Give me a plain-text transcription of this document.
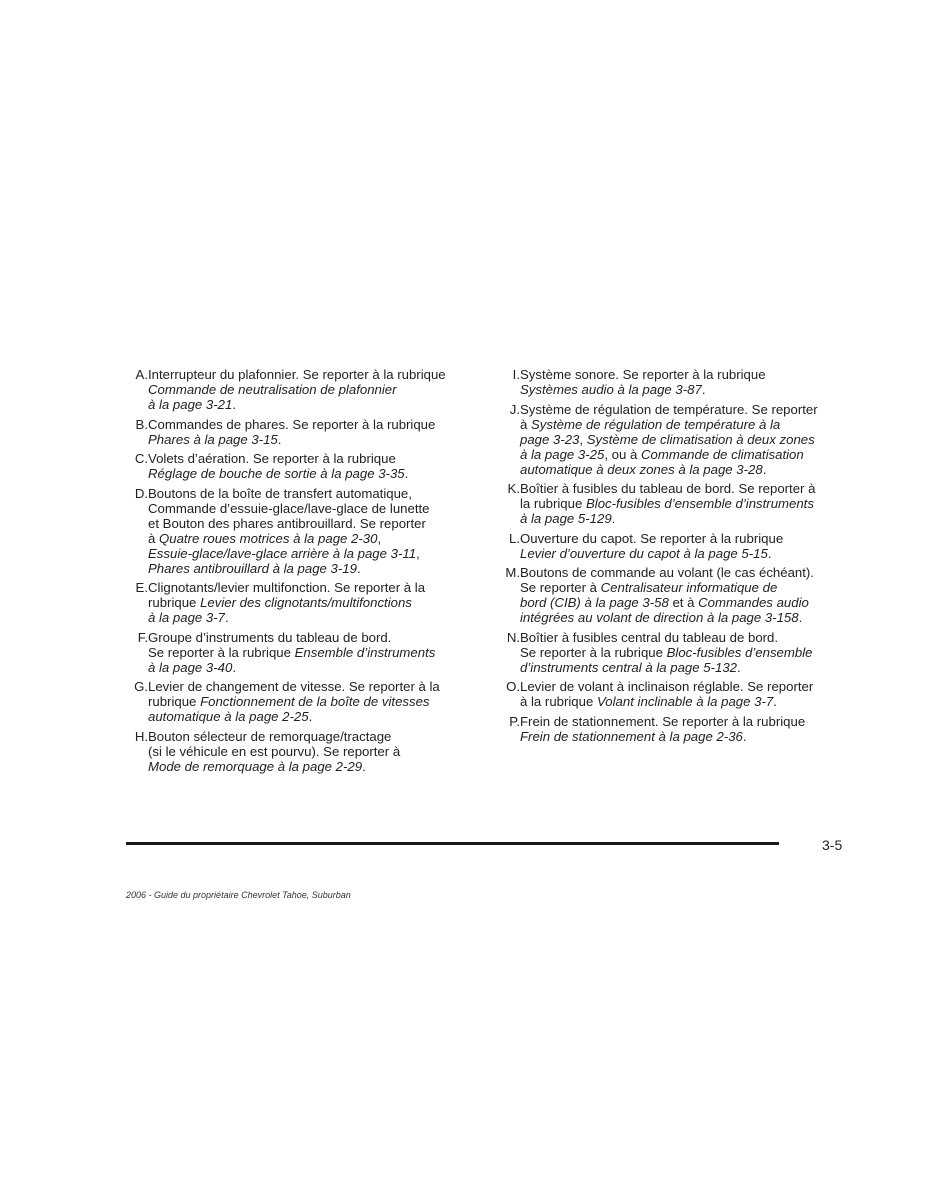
A. Interrupteur du plafonnier. Se reporter à la rubrique
Commande de neutralisation de plafonnier
à la page 3-21.
B. Commandes de phares. Se reporter à la rubrique
Phares à la page 3-15.
C. Volets d’aération. Se reporter à la rubrique
Réglage de bouche de sortie à la page 3-35.
D. Boutons de la boîte de transfert automatique,
Commande d’essuie-glace/lave-glace de lunette
et Bouton des phares antibrouillard. Se reporter
à Quatre roues motrices à la page 2-30,
Essuie-glace/lave-glace arrière à la page 3-11,
Phares antibrouillard à la page 3-19.
E. Clignotants/levier multifonction. Se reporter à la
rubrique Levier des clignotants/multifonctions
à la page 3-7.
F. Groupe d’instruments du tableau de bord.
Se reporter à la rubrique Ensemble d’instruments
à la page 3-40.
G. Levier de changement de vitesse. Se reporter à la
rubrique Fonctionnement de la boîte de vitesses
automatique à la page 2-25.
H. Bouton sélecteur de remorquage/tractage
(si le véhicule en est pourvu). Se reporter à
Mode de remorquage à la page 2-29.
I. Système sonore. Se reporter à la rubrique
Systèmes audio à la page 3-87.
J. Système de régulation de température. Se reporter
à Système de régulation de température à la
page 3-23, Système de climatisation à deux zones
à la page 3-25, ou à Commande de climatisation
automatique à deux zones à la page 3-28.
K. Boîtier à fusibles du tableau de bord. Se reporter à
la rubrique Bloc-fusibles d’ensemble d’instruments
à la page 5-129.
L. Ouverture du capot. Se reporter à la rubrique
Levier d’ouverture du capot à la page 5-15.
M. Boutons de commande au volant (le cas échéant).
Se reporter à Centralisateur informatique de
bord (CIB) à la page 3-58 et à Commandes audio
intégrées au volant de direction à la page 3-158.
N. Boîtier à fusibles central du tableau de bord.
Se reporter à la rubrique Bloc-fusibles d’ensemble
d’instruments central à la page 5-132.
O. Levier de volant à inclinaison réglable. Se reporter
à la rubrique Volant inclinable à la page 3-7.
P. Frein de stationnement. Se reporter à la rubrique
Frein de stationnement à la page 2-36.
3-5
2006 - Guide du propriétaire Chevrolet Tahoe, Suburban
